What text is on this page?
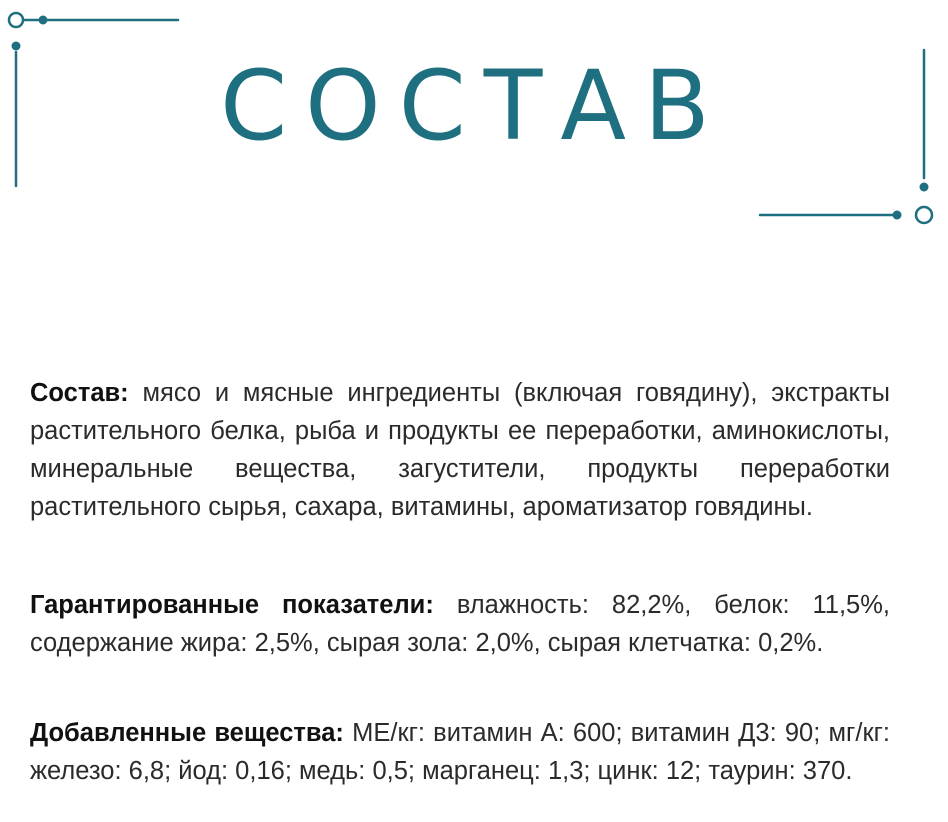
СОСТАВ
Состав: мясо и мясные ингредиенты (включая говядину), экстракты растительного белка, рыба и продукты ее переработки, аминокислоты, минеральные вещества, загустители, продукты переработки растительного сырья, сахара, витамины, ароматизатор говядины.
Гарантированные показатели: влажность: 82,2%, белок: 11,5%, содержание жира: 2,5%, сырая зола: 2,0%, сырая клетчатка: 0,2%.
Добавленные вещества: МЕ/кг: витамин А: 600; витамин Д3: 90; мг/кг: железо: 6,8; йод: 0,16; медь: 0,5; марганец: 1,3; цинк: 12; таурин: 370.
